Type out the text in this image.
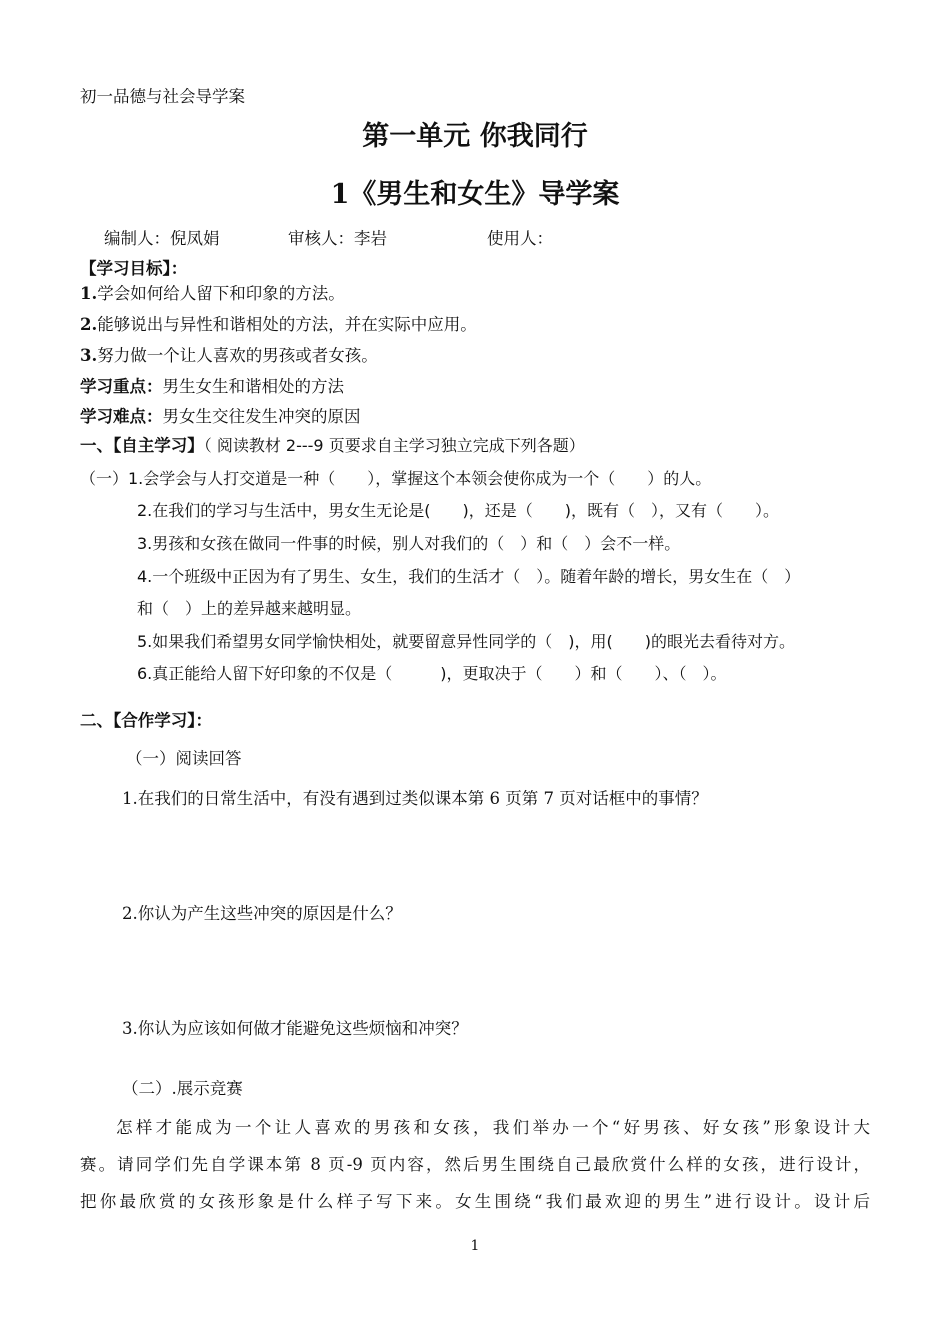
初一品德与社会导学案
第一单元 你我同行
1《男生和女生》导学案
编制人：倪凤娟	审核人：李岩	使用人：
【学习目标】：
1.学会如何给人留下和印象的方法。
2.能够说出与异性和谐相处的方法，并在实际中应用。
3.努力做一个让人喜欢的男孩或者女孩。
学习重点：男生女生和谐相处的方法
学习难点：男女生交往发生冲突的原因
一、【自主学习】（ 阅读教材 2---9 页要求自主学习独立完成下列各题）
（一）1.会学会与人打交道是一种（　　），掌握这个本领会使你成为一个（　　）的人。
2.在我们的学习与生活中，男女生无论是(　　)，还是（　　)，既有（　），又有（　　）。
3.男孩和女孩在做同一件事的时候，别人对我们的（　）和（　）会不一样。
4.一个班级中正因为有了男生、女生，我们的生活才（　）。随着年龄的增长，男女生在（　）
和（　）上的差异越来越明显。
5.如果我们希望男女同学愉快相处，就要留意异性同学的（　)，用(　　)的眼光去看待对方。
6.真正能给人留下好印象的不仅是（　　　)，更取决于（　　）和（　　）、（　）。
二、【合作学习】：
（一）阅读回答
1.在我们的日常生活中，有没有遇到过类似课本第 6 页第 7 页对话框中的事情？
2.你认为产生这些冲突的原因是什么？
3.你认为应该如何做才能避免这些烦恼和冲突？
（二）.展示竞赛
怎样才能成为一个让人喜欢的男孩和女孩，我们举办一个“好男孩、好女孩”形象设计大
赛。请同学们先自学课本第 8 页-9 页内容，然后男生围绕自己最欣赏什么样的女孩，进行设计，
把你最欣赏的女孩形象是什么样子写下来。女生围绕“我们最欢迎的男生”进行设计。设计后
1
